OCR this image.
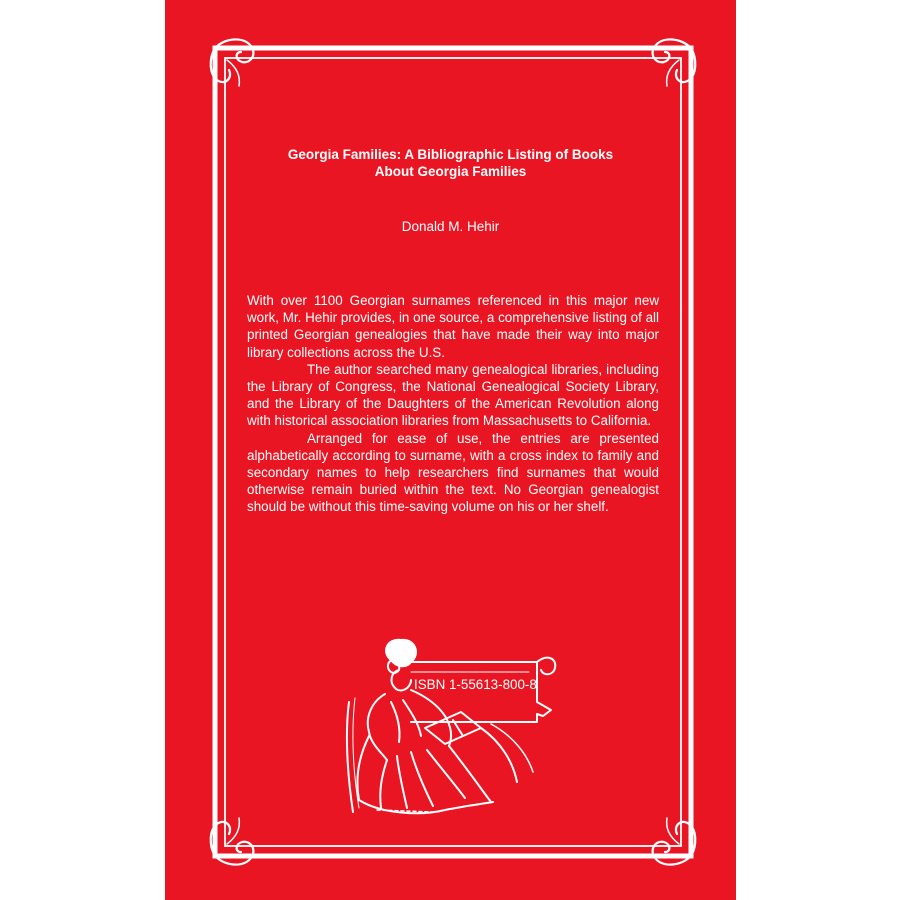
Georgia Families: A Bibliographic Listing of Books
About Georgia Families

Donald M. Hehir

With over 1100 Georgian surnames referenced in this major new work, Mr. Hehir provides, in one source, a comprehensive listing of all printed Georgian genealogies that have made their way into major library collections across the U.S.

The author searched many genealogical libraries, including the Library of Congress, the National Genealogical Society Library, and the Library of the Daughters of the American Revolution along with historical association libraries from Massachusetts to California.

Arranged for ease of use, the entries are presented alphabetically according to surname, with a cross index to family and secondary names to help researchers find surnames that would otherwise remain buried within the text. No Georgian genealogist should be without this time-saving volume on his or her shelf.

ISBN 1-55613-800-8
